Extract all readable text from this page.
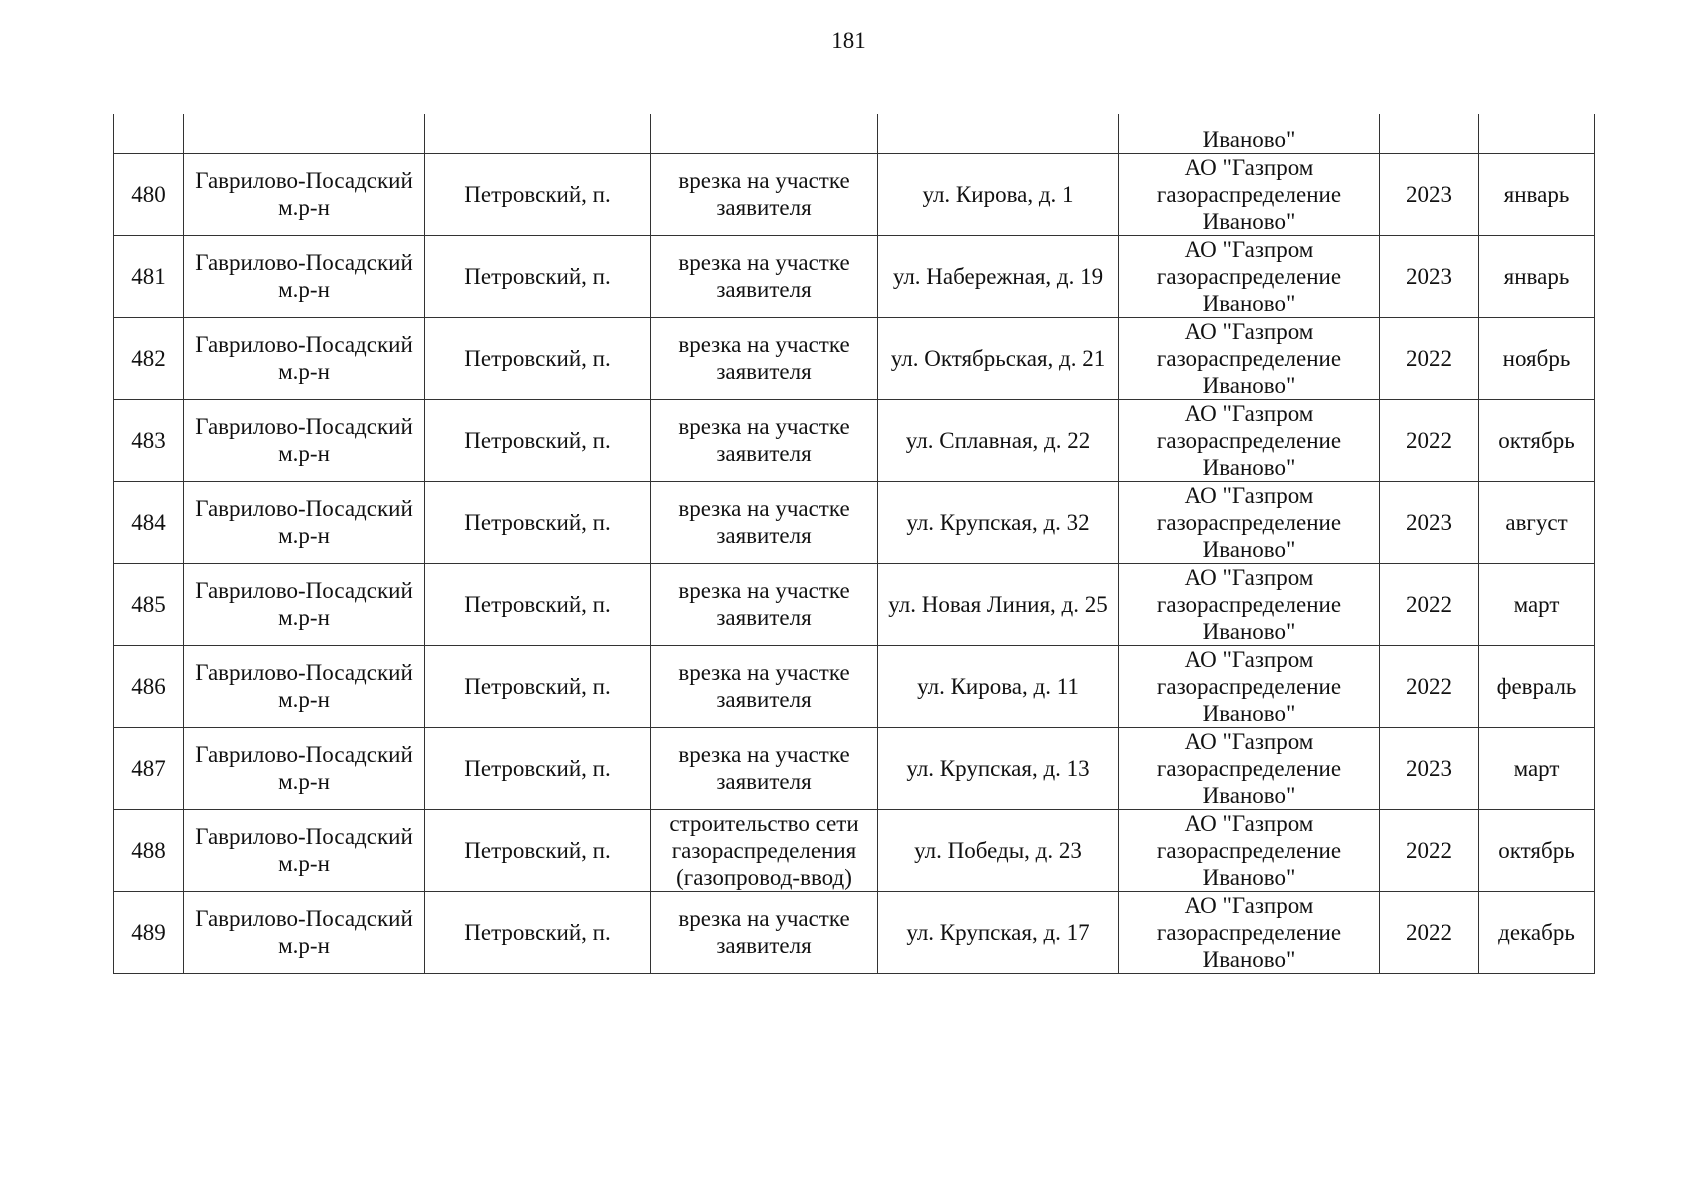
181
					Иваново"		
480	Гаврилово-Посадский м.р-н	Петровский, п.	врезка на участке заявителя	ул. Кирова, д. 1	АО "Газпром газораспределение Иваново"	2023	январь
481	Гаврилово-Посадский м.р-н	Петровский, п.	врезка на участке заявителя	ул. Набережная, д. 19	АО "Газпром газораспределение Иваново"	2023	январь
482	Гаврилово-Посадский м.р-н	Петровский, п.	врезка на участке заявителя	ул. Октябрьская, д. 21	АО "Газпром газораспределение Иваново"	2022	ноябрь
483	Гаврилово-Посадский м.р-н	Петровский, п.	врезка на участке заявителя	ул. Сплавная, д. 22	АО "Газпром газораспределение Иваново"	2022	октябрь
484	Гаврилово-Посадский м.р-н	Петровский, п.	врезка на участке заявителя	ул. Крупская, д. 32	АО "Газпром газораспределение Иваново"	2023	август
485	Гаврилово-Посадский м.р-н	Петровский, п.	врезка на участке заявителя	ул. Новая Линия, д. 25	АО "Газпром газораспределение Иваново"	2022	март
486	Гаврилово-Посадский м.р-н	Петровский, п.	врезка на участке заявителя	ул. Кирова, д. 11	АО "Газпром газораспределение Иваново"	2022	февраль
487	Гаврилово-Посадский м.р-н	Петровский, п.	врезка на участке заявителя	ул. Крупская, д. 13	АО "Газпром газораспределение Иваново"	2023	март
488	Гаврилово-Посадский м.р-н	Петровский, п.	строительство сети газораспределения (газопровод-ввод)	ул. Победы, д. 23	АО "Газпром газораспределение Иваново"	2022	октябрь
489	Гаврилово-Посадский м.р-н	Петровский, п.	врезка на участке заявителя	ул. Крупская, д. 17	АО "Газпром газораспределение Иваново"	2022	декабрь
